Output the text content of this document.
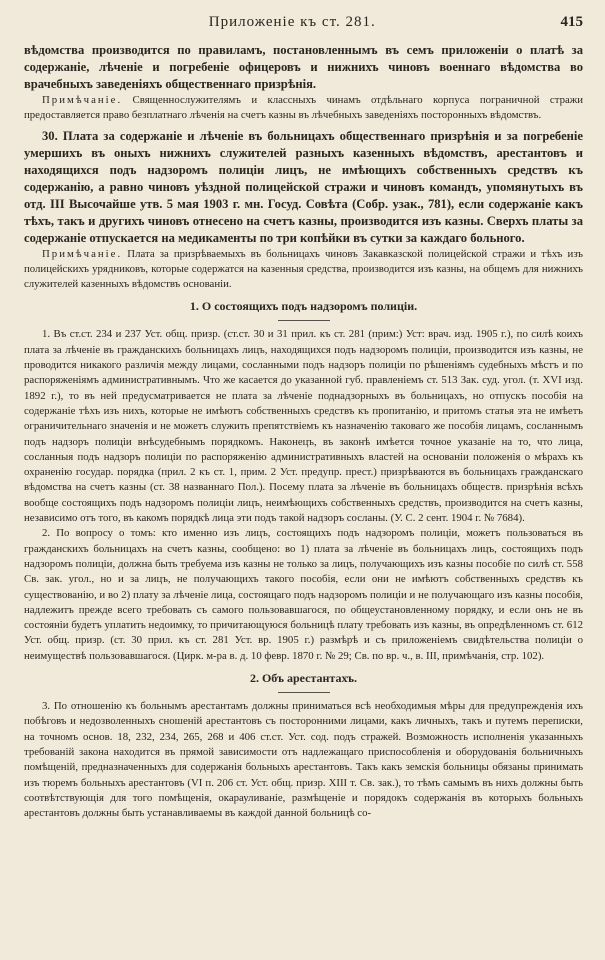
Приложенiе къ ст. 281.	415

вѣдомства производится по правиламъ, постановленнымъ въ семъ приложенiи о платѣ за содержанiе, лѣченiе и погребенiе офицеровъ и нижнихъ чиновъ военнаго вѣдомства во врачебныхъ заведенiяхъ общественнаго призрѣнiя.

Примѣчанiе. Священнослужителямъ и классныхъ чинамъ отдѣльнаго корпуса пограничной стражи предоставляется право безплатнаго лѣченiя на счетъ казны въ лѣчебныхъ заведенiяхъ посторонныхъ вѣдомствъ.

30. Плата за содержанiе и лѣченiе въ больницахъ общественнаго призрѣнiя и за погребенiе умершихъ въ оныхъ нижнихъ служителей разныхъ казенныхъ вѣдомствъ, арестантовъ и находящихся подъ надзоромъ полицiи лицъ, не имѣющихъ собственныхъ средствъ къ содержанiю, а равно чиновъ уѣздной полицейской стражи и чиновъ командъ, упомянутыхъ въ отд. III Высочайше утв. 5 мая 1903 г. мн. Госуд. Совѣта (Собр. узак., 781), если содержанiе какъ тѣхъ, такъ и другихъ чиновъ отнесено на счетъ казны, производится изъ казны. Сверхъ платы за содержанiе отпускается на медикаменты по три копѣйки въ сутки за каждаго больного.

Примѣчанiе. Плата за призрѣваемыхъ въ больницахъ чиновъ Закавказской полицейской стражи и тѣхъ изъ полицейскихъ урядниковъ, которые содержатся на казенныя средства, производится изъ казны, на общемъ для нижнихъ служителей казенныхъ вѣдомствъ основанiи.

1. О состоящихъ подъ надзоромъ полицiи.

1. Въ ст.ст. 234 и 237 Уст. общ. призр. (ст.ст. 30 и 31 прил. къ ст. 281 (прим:) Уст: врач. изд. 1905 г.), по силѣ коихъ плата за лѣченiе въ гражданскихъ больницахъ лицъ, находящихся подъ надзоромъ полицiи, производится изъ казны, не проводится никакого различiя между лицами, сосланными подъ надзоръ полицiи по рѣшенiямъ судебныхъ мѣстъ и по распоряженiямъ административнымъ. Что же касается до указанной губ. правленiемъ ст. 513 Зак. суд. угол. (т. XVI изд. 1892 г.), то въ ней предусматривается не плата за лѣченiе поднадзорныхъ въ больницахъ, но отпускъ пособiя на содержанiе тѣхъ изъ нихъ, которые не имѣютъ собственныхъ средствъ къ пропитанiю, и притомъ статья эта не имѣетъ ограничительнаго значенiя и не можетъ служить препятствiемъ къ назначенiю таковаго же пособiя лицамъ, сосланнымъ подъ надзоръ полицiи внѣсудебнымъ порядкомъ. Наконецъ, въ законѣ имѣется точное указанiе на то, что лица, сосланныя подъ надзоръ полицiи по распоряженiю административныхъ властей на основанiи положенiя о мѣрахъ къ охраненiю государ. порядка (прил. 2 къ ст. 1, прим. 2 Уст. предупр. прест.) призрѣваются въ больницахъ гражданскаго вѣдомства на счетъ казны (ст. 38 названнаго Пол.). Посему плата за лѣченiе въ больницахъ обществ. призрѣнiя всѣхъ вообще состоящихъ подъ надзоромъ полицiи лицъ, неимѣющихъ собственныхъ средствъ, производится на счетъ казны, независимо отъ того, въ какомъ порядкѣ лица эти подъ такой надзоръ сосланы. (У. С. 2 сент. 1904 г. № 7684).

2. По вопросу о томъ: кто именно изъ лицъ, состоящихъ подъ надзоромъ полицiи, можетъ пользоваться въ гражданскихъ больницахъ на счетъ казны, сообщено: во 1) плата за лѣченiе въ больницахъ лицъ, состоящихъ подъ надзоромъ полицiи, должна быть требуема изъ казны не только за лицъ, получающихъ изъ казны пособiе по силѣ ст. 558 Св. зак. угол., но и за лицъ, не получающихъ такого пособiя, если они не имѣютъ собственныхъ средствъ къ существованiю, и во 2) плату за лѣченiе лица, состоящаго подъ надзоромъ полицiи и не получающаго изъ казны пособiя, надлежитъ прежде всего требовать съ самого пользовавшагося, по общеустановленному порядку, и если онъ не въ состоянiи будетъ уплатить недоимку, то причитающуюся больницѣ плату требовать изъ казны, въ опредѣленномъ ст. 612 Уст. общ. призр. (ст. 30 прил. къ ст. 281 Уст. вр. 1905 г.) размѣрѣ и съ приложенiемъ свидѣтельства полицiи о неимуществѣ пользовавшагося. (Цирк. м-ра в. д. 10 февр. 1870 г. № 29; Св. по вр. ч., в. III, примѣчанiя, стр. 102).

2. Объ арестантахъ.

3. По отношенiю къ больнымъ арестантамъ должны приниматься всѣ необходимыя мѣры для предупрежденiя ихъ побѣговъ и недозволенныхъ сношенiй арестантовъ съ посторонними лицами, какъ личныхъ, такъ и путемъ переписки, на точномъ основ. 18, 232, 234, 265, 268 и 406 ст.ст. Уст. сод. подъ стражей. Возможность исполненiя указанныхъ требованiй закона находится въ прямой зависимости отъ надлежащаго приспособленiя и оборудованiя больничныхъ помѣщенiй, предназначенныхъ для содержанiя больныхъ арестантовъ. Такъ какъ земскiя больницы обязаны принимать изъ тюремъ больныхъ арестантовъ (VI п. 206 ст. Уст. общ. призр. XIII т. Св. зак.), то тѣмъ самымъ въ нихъ должны быть соотвѣтствующiя для того помѣщенiя, окарауливанiе, размѣщенiе и порядокъ содержанiя въ которыхъ больныхъ арестантовъ должны быть устанавливаемы въ каждой данной больницѣ со-
